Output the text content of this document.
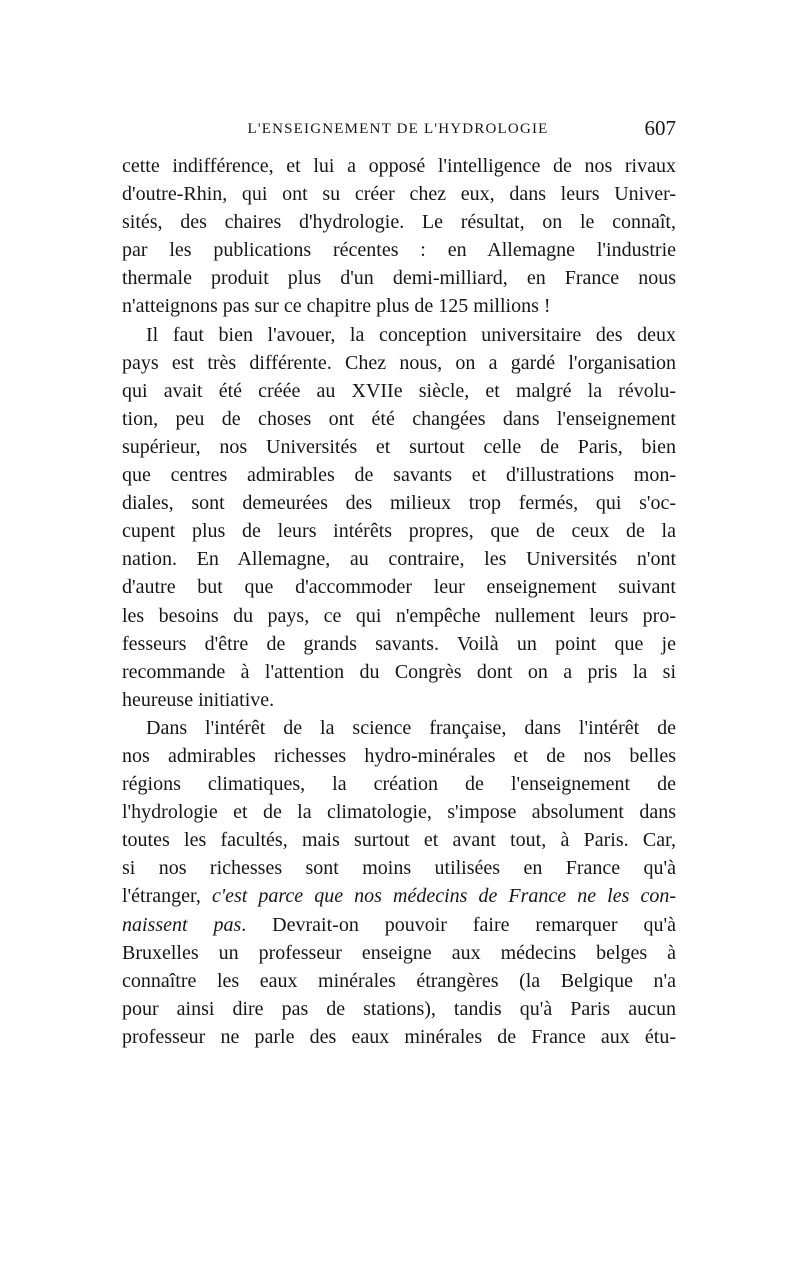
L'ENSEIGNEMENT DE L'HYDROLOGIE	607
cette indifférence, et lui a opposé l'intelligence de nos rivaux
d'outre-Rhin, qui ont su créer chez eux, dans leurs Univer-
sités, des chaires d'hydrologie. Le résultat, on le connaît,
par les publications récentes : en Allemagne l'industrie
thermale produit plus d'un demi-milliard, en France nous
n'atteignons pas sur ce chapitre plus de 125 millions !
Il faut bien l'avouer, la conception universitaire des deux
pays est très différente. Chez nous, on a gardé l'organisation
qui avait été créée au XVIIe siècle, et malgré la révolu-
tion, peu de choses ont été changées dans l'enseignement
supérieur, nos Universités et surtout celle de Paris, bien
que centres admirables de savants et d'illustrations mon-
diales, sont demeurées des milieux trop fermés, qui s'oc-
cupent plus de leurs intérêts propres, que de ceux de la
nation. En Allemagne, au contraire, les Universités n'ont
d'autre but que d'accommoder leur enseignement suivant
les besoins du pays, ce qui n'empêche nullement leurs pro-
fesseurs d'être de grands savants. Voilà un point que je
recommande à l'attention du Congrès dont on a pris la si
heureuse initiative.
Dans l'intérêt de la science française, dans l'intérêt de
nos admirables richesses hydro-minérales et de nos belles
régions climatiques, la création de l'enseignement de
l'hydrologie et de la climatologie, s'impose absolument dans
toutes les facultés, mais surtout et avant tout, à Paris. Car,
si nos richesses sont moins utilisées en France qu'à
l'étranger, c'est parce que nos médecins de France ne les con-
naissent pas. Devrait-on pouvoir faire remarquer qu'à
Bruxelles un professeur enseigne aux médecins belges à
connaître les eaux minérales étrangères (la Belgique n'a
pour ainsi dire pas de stations), tandis qu'à Paris aucun
professeur ne parle des eaux minérales de France aux étu-
